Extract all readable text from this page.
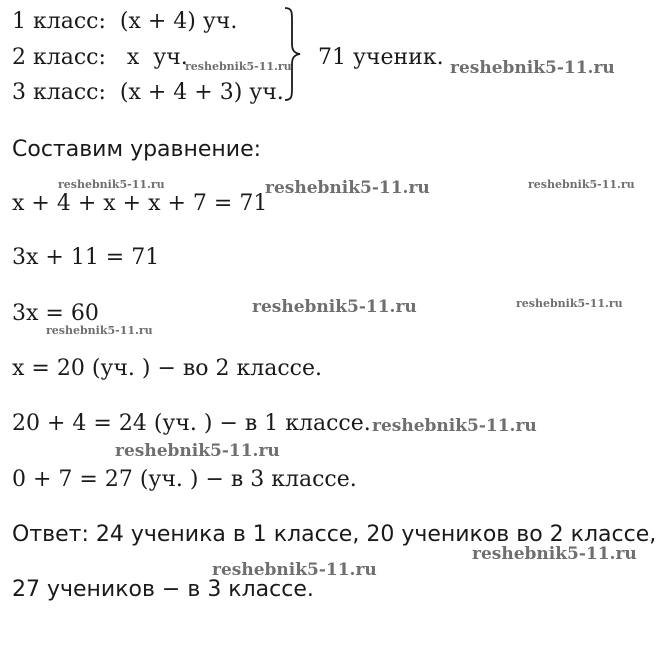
1 класс:  (x + 4) уч.
2 класс:   x  уч.
3 класс:  (x + 4 + 3) уч.
71 ученик.
Составим уравнение:
x + 4 + x + x + 7 = 71
3x + 11 = 71
3x = 60
x = 20 (уч. ) − во 2 классе.
20 + 4 = 24 (уч. ) − в 1 классе.
0 + 7 = 27 (уч. ) − в 3 классе.
Ответ: 24 ученика в 1 классе, 20 учеников во 2 классе,
27 учеников − в 3 классе.
reshebnik5-11.ru	reshebnik5-11.ru
reshebnik5-11.ru	reshebnik5-11.ru	reshebnik5-11.ru
reshebnik5-11.ru	reshebnik5-11.ru
reshebnik5-11.ru
reshebnik5-11.ru
reshebnik5-11.ru
reshebnik5-11.ru
reshebnik5-11.ru
